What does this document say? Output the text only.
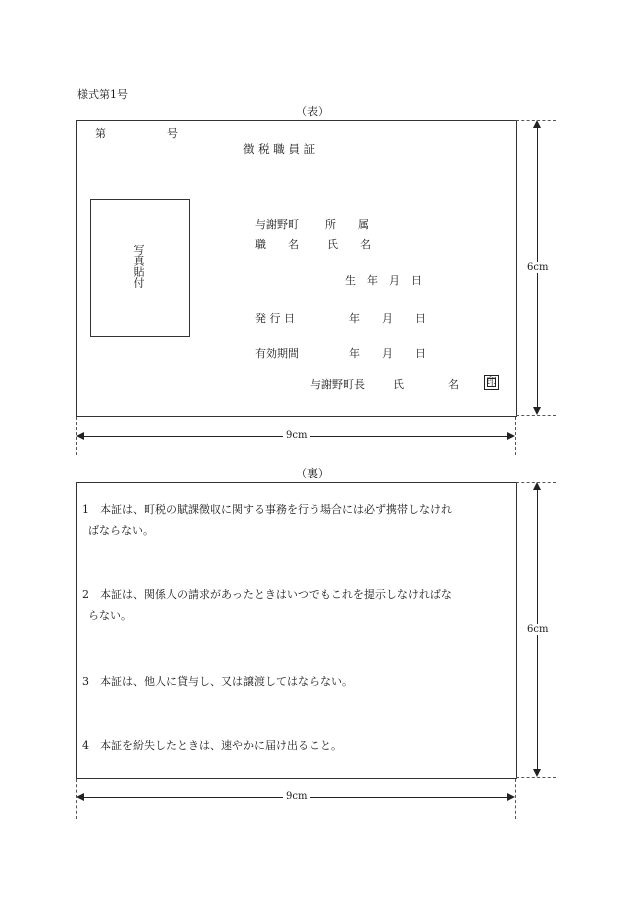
様式第1号
（表）
第	号
徴 税 職 員 証
写真貼付
与謝野町 所　　属
職　　名	氏　　名
生　年　月　日
発 行 日	年　　月　　日
有効期間	年　　月　　日
与謝野町長	氏　　　　名	印
6cm
9cm
（裏）
1　 本証は、町税の賦課徴収に関する事務を行う場合には必ず携帯しなけれ
ばならない。
2　 本証は、関係人の請求があったときはいつでもこれを提示しなければな
らない。
3　 本証は、他人に貸与し、又は譲渡してはならない。
4　 本証を紛失したときは、速やかに届け出ること。
6cm
9cm
